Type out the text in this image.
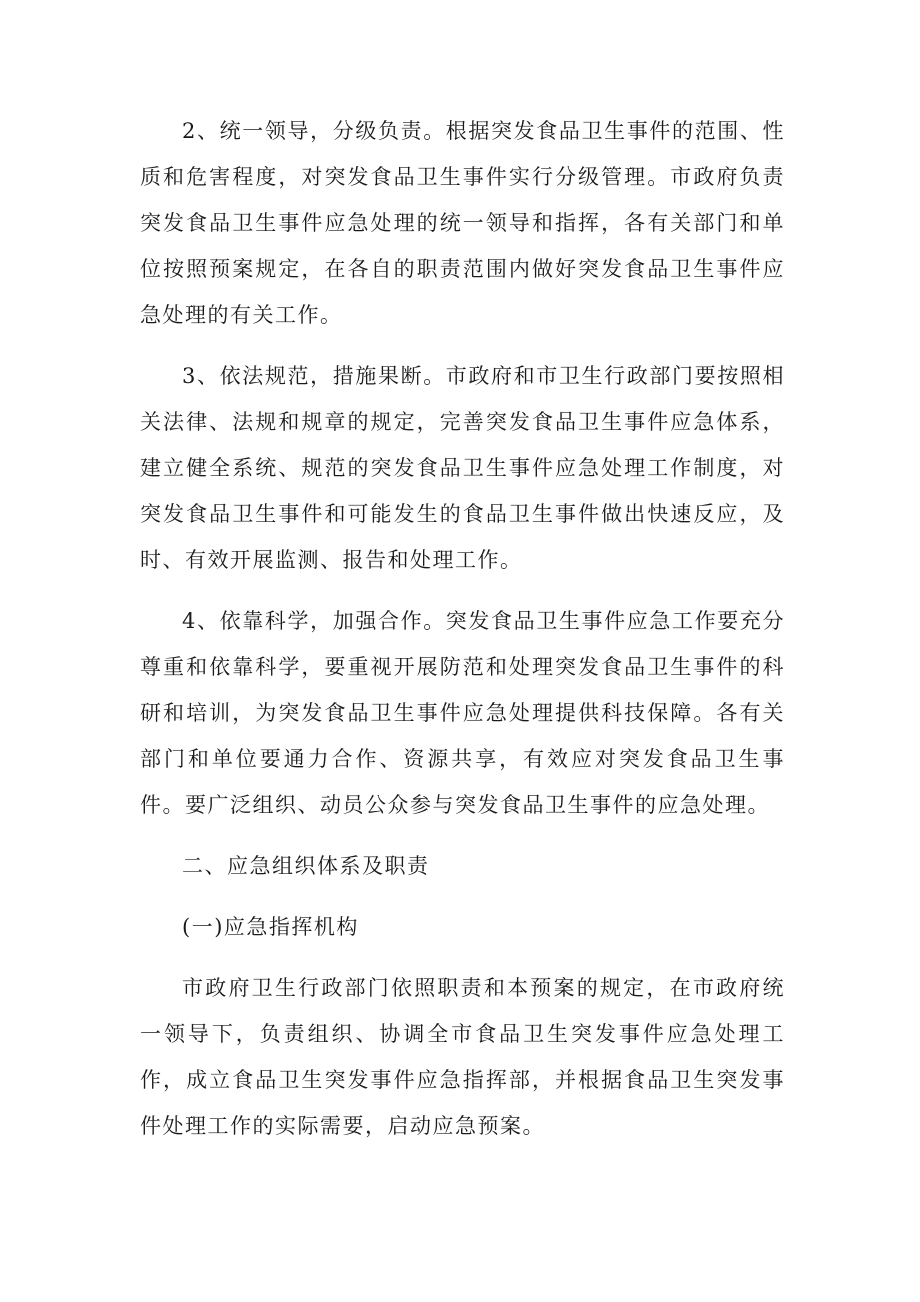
2、统一领导，分级负责。根据突发食品卫生事件的范围、性质和危害程度，对突发食品卫生事件实行分级管理。市政府负责突发食品卫生事件应急处理的统一领导和指挥，各有关部门和单位按照预案规定，在各自的职责范围内做好突发食品卫生事件应急处理的有关工作。

3、依法规范，措施果断。市政府和市卫生行政部门要按照相关法律、法规和规章的规定，完善突发食品卫生事件应急体系，建立健全系统、规范的突发食品卫生事件应急处理工作制度，对突发食品卫生事件和可能发生的食品卫生事件做出快速反应，及时、有效开展监测、报告和处理工作。

4、依靠科学，加强合作。突发食品卫生事件应急工作要充分尊重和依靠科学，要重视开展防范和处理突发食品卫生事件的科研和培训，为突发食品卫生事件应急处理提供科技保障。各有关部门和单位要通力合作、资源共享，有效应对突发食品卫生事件。要广泛组织、动员公众参与突发食品卫生事件的应急处理。

二、应急组织体系及职责

(一)应急指挥机构

市政府卫生行政部门依照职责和本预案的规定，在市政府统一领导下，负责组织、协调全市食品卫生突发事件应急处理工作，成立食品卫生突发事件应急指挥部，并根据食品卫生突发事件处理工作的实际需要，启动应急预案。
